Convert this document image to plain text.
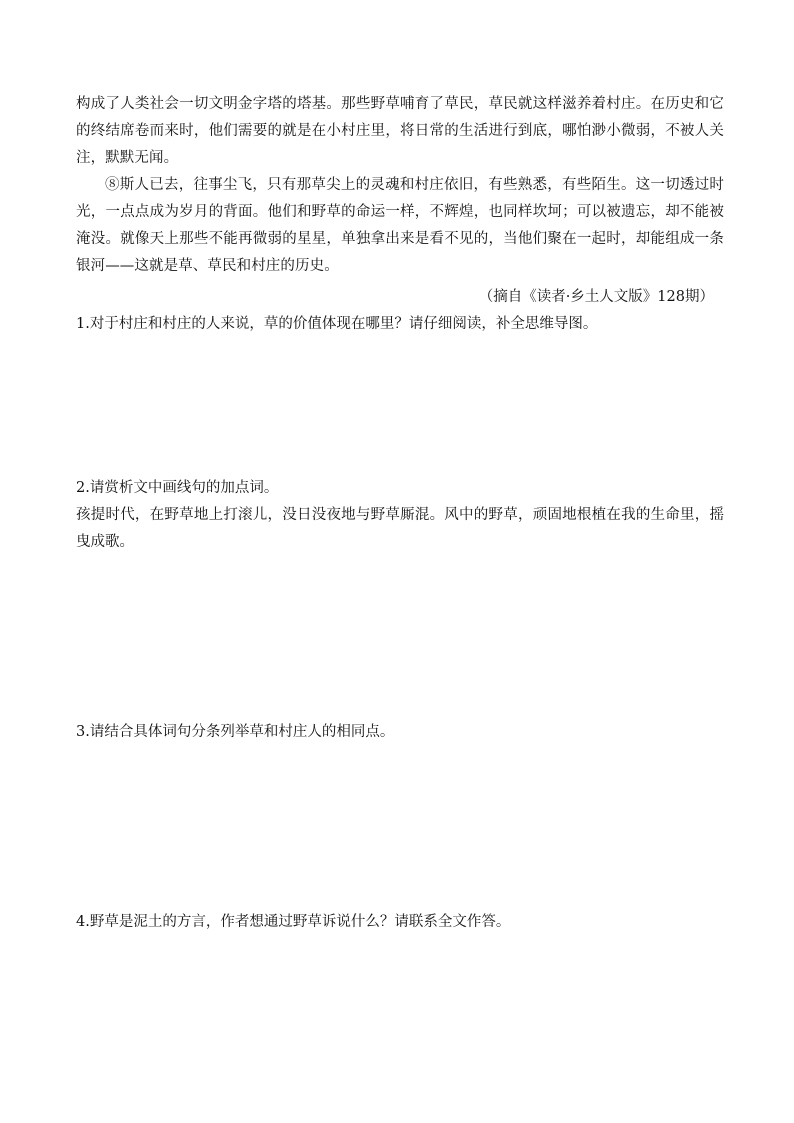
构成了人类社会一切文明金字塔的塔基。那些野草哺育了草民，草民就这样滋养着村庄。在历史和它的终结席卷而来时，他们需要的就是在小村庄里，将日常的生活进行到底，哪怕渺小微弱，不被人关注，默默无闻。

⑧斯人已去，往事尘飞，只有那草尖上的灵魂和村庄依旧，有些熟悉，有些陌生。这一切透过时光，一点点成为岁月的背面。他们和野草的命运一样，不辉煌，也同样坎坷；可以被遗忘，却不能被淹没。就像天上那些不能再微弱的星星，单独拿出来是看不见的，当他们聚在一起时，却能组成一条银河——这就是草、草民和村庄的历史。

（摘自《读者·乡土人文版》128期）

1.对于村庄和村庄的人来说，草的价值体现在哪里？请仔细阅读，补全思维导图。

2.请赏析文中画线句的加点词。

孩提时代，在野草地上打滚儿，没日没夜地与野草厮混。风中的野草，顽固地根植在我的生命里，摇曳成歌。

3.请结合具体词句分条列举草和村庄人的相同点。

4.野草是泥土的方言，作者想通过野草诉说什么？请联系全文作答。
